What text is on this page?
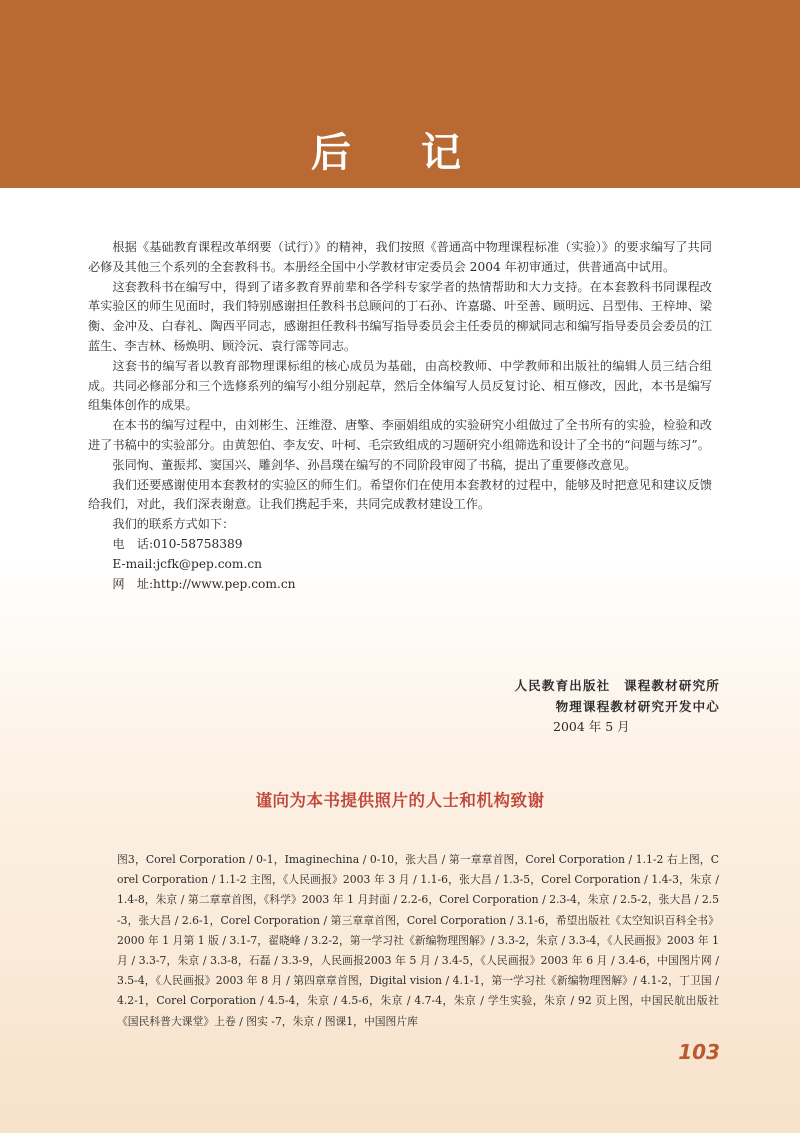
后 记

根据《基础教育课程改革纲要（试行）》的精神，我们按照《普通高中物理课程标准（实验）》的要求编写了共同必修及其他三个系列的全套教科书。本册经全国中小学教材审定委员会 2004 年初审通过，供普通高中试用。

这套教科书在编写中，得到了诸多教育界前辈和各学科专家学者的热情帮助和大力支持。在本套教科书同课程改革实验区的师生见面时，我们特别感谢担任教科书总顾问的丁石孙、许嘉璐、叶至善、顾明远、吕型伟、王梓坤、梁衡、金冲及、白春礼、陶西平同志，感谢担任教科书编写指导委员会主任委员的柳斌同志和编写指导委员会委员的江蓝生、李吉林、杨焕明、顾泠沅、袁行霈等同志。

这套书的编写者以教育部物理课标组的核心成员为基础，由高校教师、中学教师和出版社的编辑人员三结合组成。共同必修部分和三个选修系列的编写小组分别起草，然后全体编写人员反复讨论、相互修改，因此，本书是编写组集体创作的成果。

在本书的编写过程中，由刘彬生、汪维澄、唐擎、李丽娟组成的实验研究小组做过了全书所有的实验，检验和改进了书稿中的实验部分。由黄恕伯、李友安、叶柯、毛宗致组成的习题研究小组筛选和设计了全书的“问题与练习”。

张同恂、董振邦、窦国兴、雕剑华、孙昌璞在编写的不同阶段审阅了书稿，提出了重要修改意见。

我们还要感谢使用本套教材的实验区的师生们。希望你们在使用本套教材的过程中，能够及时把意见和建议反馈给我们，对此，我们深表谢意。让我们携起手来，共同完成教材建设工作。

我们的联系方式如下：

电　话:010-58758389
E-mail:jcfk@pep.com.cn
网　址:http://www.pep.com.cn
人民教育出版社　课程教材研究所
物理课程教材研究开发中心
2004 年 5 月
谨向为本书提供照片的人士和机构致谢
图3，Corel Corporation / 0-1，Imaginechina / 0-10，张大昌 / 第一章章首图，Corel Corporation / 1.1-2 右上图，Corel Corporation / 1.1-2 主图，《人民画报》2003 年 3 月 / 1.1-6，张大昌 / 1.3-5，Corel Corporation / 1.4-3，朱京 / 1.4-8，朱京 / 第二章章首图，《科学》2003 年 1 月封面 / 2.2-6，Corel Corporation / 2.3-4，朱京 / 2.5-2，张大昌 / 2.5-3，张大昌 / 2.6-1，Corel Corporation / 第三章章首图，Corel Corporation / 3.1-6，希望出版社《太空知识百科全书》2000 年 1 月第 1 版 / 3.1-7，翟晓峰 / 3.2-2，第一学习社《新编物理图解》/ 3.3-2，朱京 / 3.3-4，《人民画报》2003 年 1 月 / 3.3-7，朱京 / 3.3-8，石磊 / 3.3-9，人民画报2003 年 5 月 / 3.4-5，《人民画报》2003 年 6 月 / 3.4-6，中国图片网 / 3.5-4，《人民画报》2003 年 8 月 / 第四章章首图，Digital vision / 4.1-1，第一学习社《新编物理图解》/ 4.1-2，丁卫国 / 4.2-1，Corel Corporation / 4.5-4，朱京 / 4.5-6，朱京 / 4.7-4，朱京 / 学生实验，朱京 / 92 页上图，中国民航出版社《国民科普大课堂》上卷 / 图实 -7，朱京 / 图课1，中国图片库
103
